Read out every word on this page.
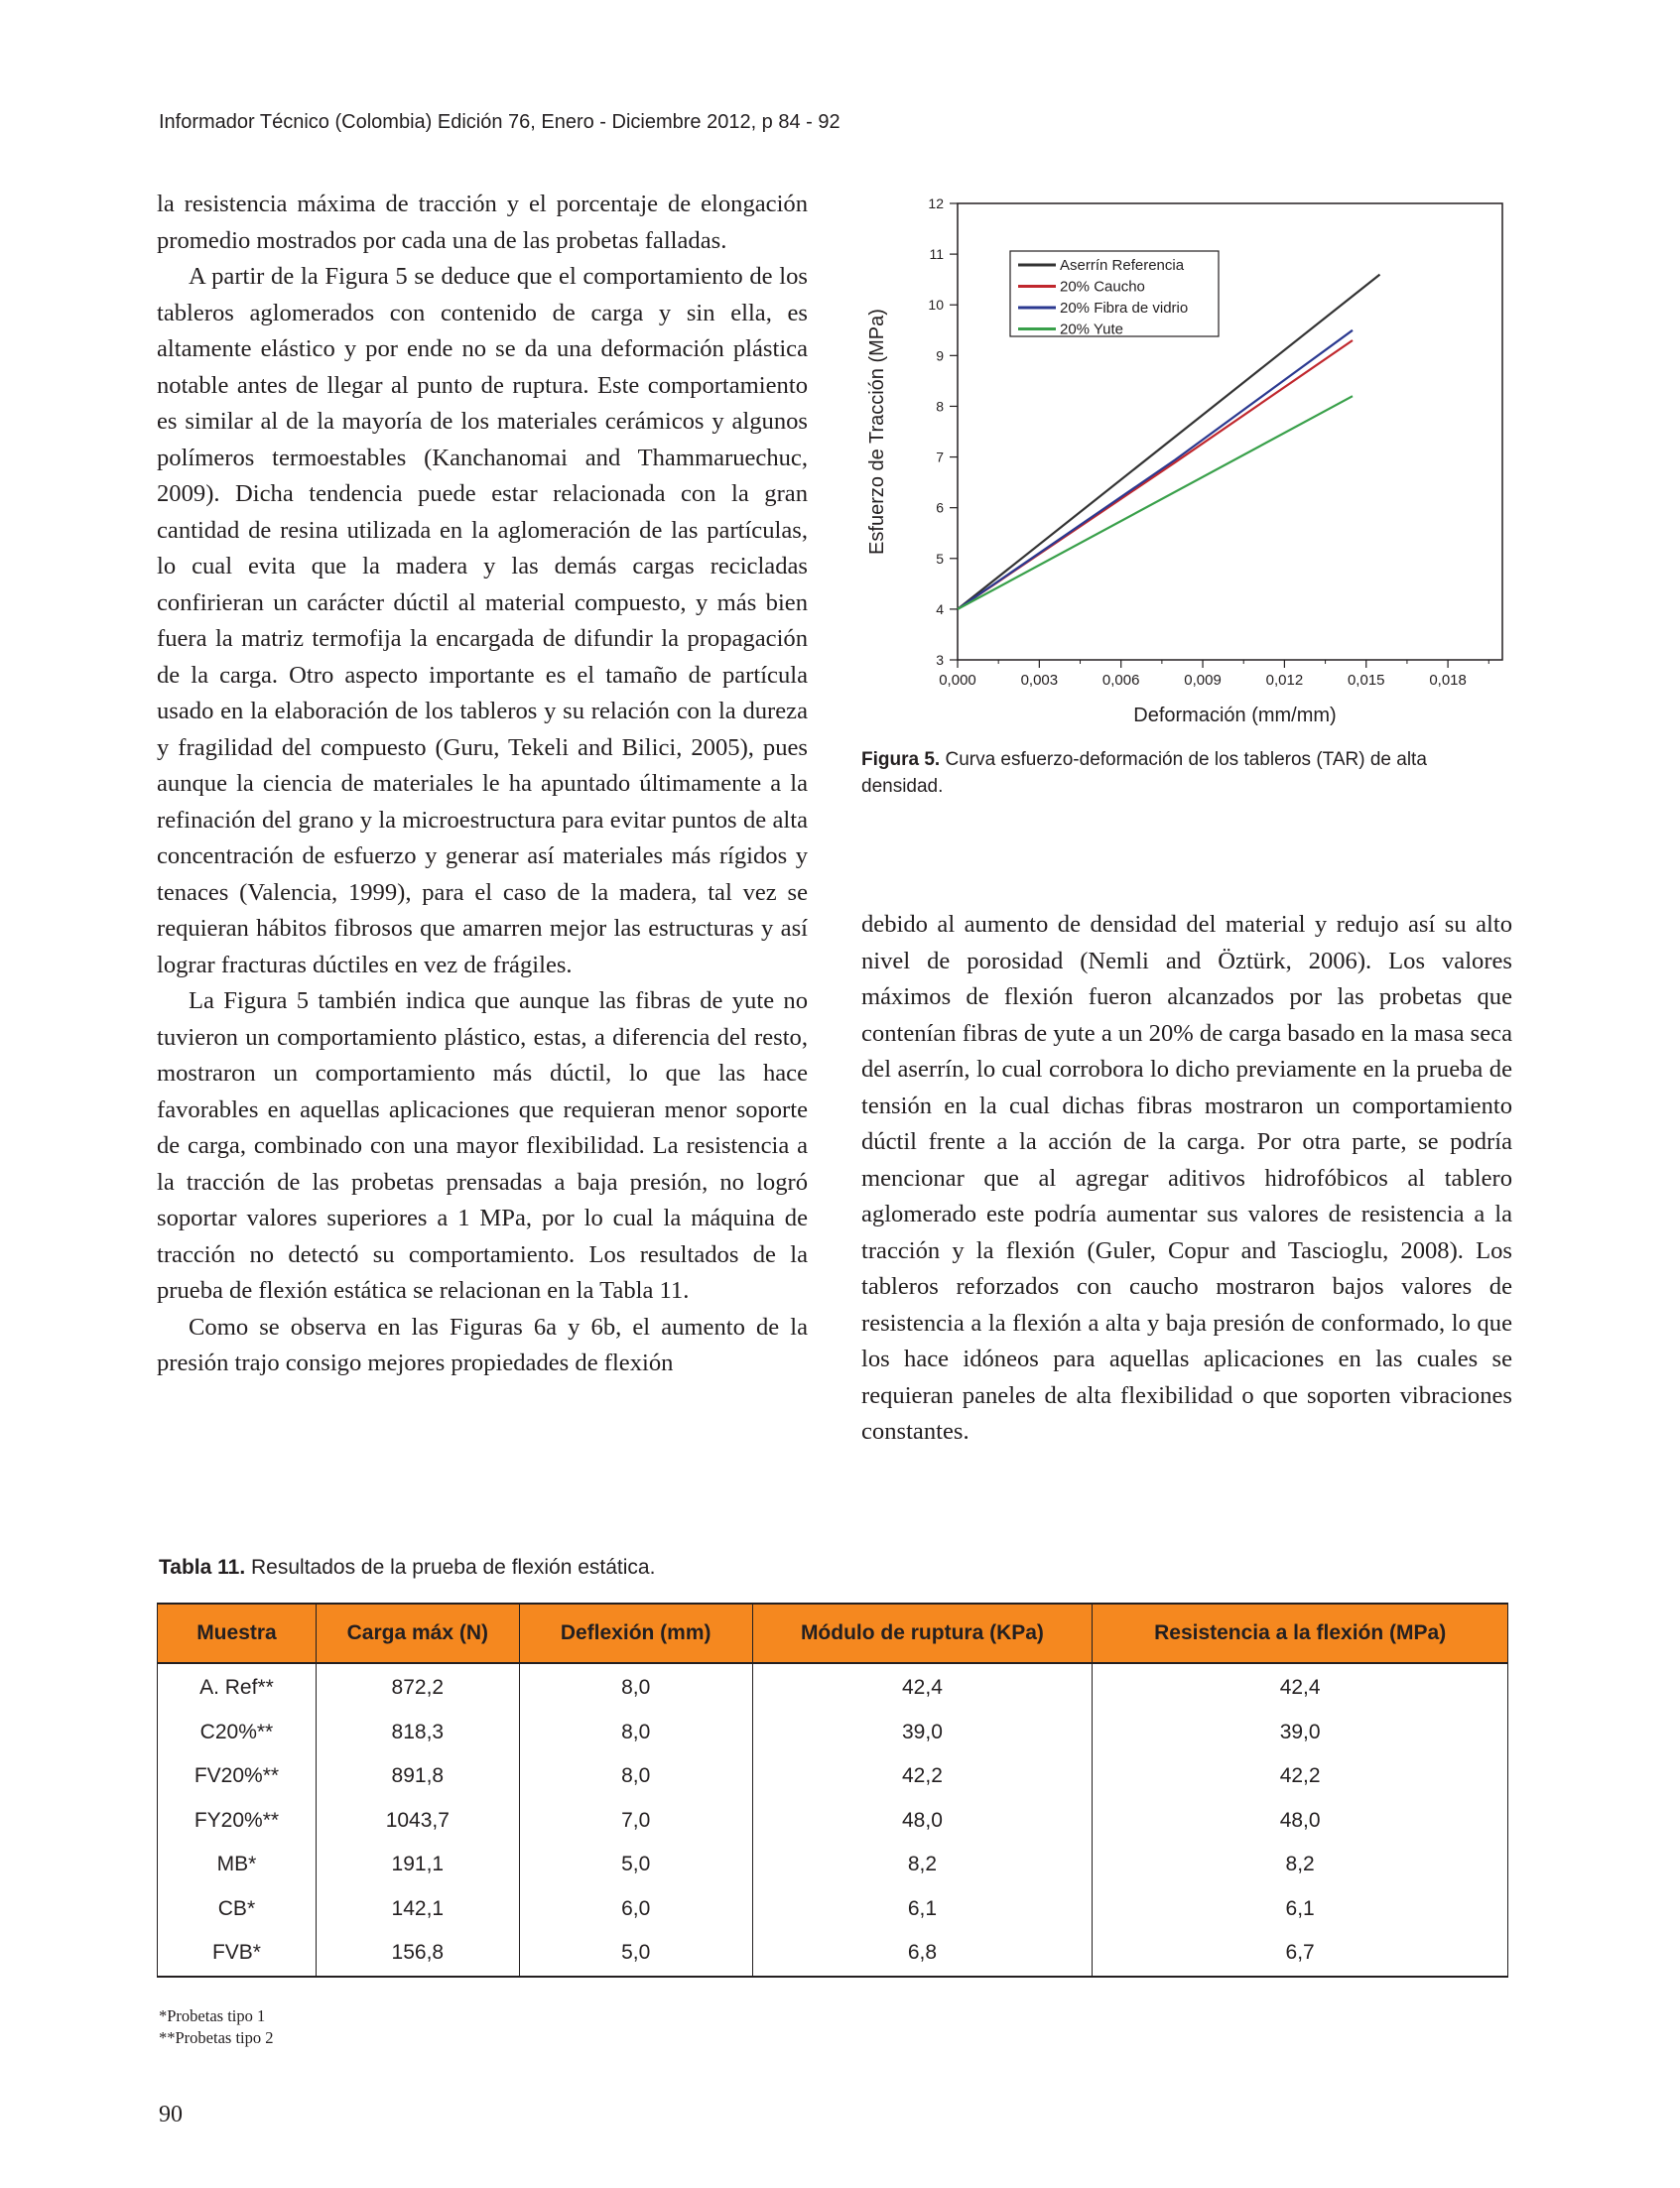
Informador Técnico (Colombia) Edición 76, Enero - Diciembre 2012, p 84 - 92

la resistencia máxima de tracción y el porcentaje de elongación promedio mostrados por cada una de las probetas falladas.

A partir de la Figura 5 se deduce que el comportamiento de los tableros aglomerados con contenido de carga y sin ella, es altamente elástico y por ende no se da una deformación plástica notable antes de llegar al punto de ruptura. Este comportamiento es similar al de la mayoría de los materiales cerámicos y algunos polímeros termoestables (Kanchanomai and Thammaruechuc, 2009). Dicha tendencia puede estar relacionada con la gran cantidad de resina utilizada en la aglomeración de las partículas, lo cual evita que la madera y las demás cargas recicladas confirieran un carácter dúctil al material compuesto, y más bien fuera la matriz termofija la encargada de difundir la propagación de la carga. Otro aspecto importante es el tamaño de partícula usado en la elaboración de los tableros y su relación con la dureza y fragilidad del compuesto (Guru, Tekeli and Bilici, 2005), pues aunque la ciencia de materiales le ha apuntado últimamente a la refinación del grano y la microestructura para evitar puntos de alta concentración de esfuerzo y generar así materiales más rígidos y tenaces (Valencia, 1999), para el caso de la madera, tal vez se requieran hábitos fibrosos que amarren mejor las estructuras y así lograr fracturas dúctiles en vez de frágiles.

La Figura 5 también indica que aunque las fibras de yute no tuvieron un comportamiento plástico, estas, a diferencia del resto, mostraron un comportamiento más dúctil, lo que las hace favorables en aquellas aplicaciones que requieran menor soporte de carga, combinado con una mayor flexibilidad. La resistencia a la tracción de las probetas prensadas a baja presión, no logró soportar valores superiores a 1 MPa, por lo cual la máquina de tracción no detectó su comportamiento. Los resultados de la prueba de flexión estática se relacionan en la Tabla 11.

Como se observa en las Figuras 6a y 6b, el aumento de la presión trajo consigo mejores propiedades de flexión

3
4
5
6
7
8
9
10
11
12
0,000	0,003	0,006	0,009	0,012	0,015	0,018
Deformación (mm/mm)
Esfuerzo de Tracción (MPa)
Aserrín Referencia
20% Caucho
20% Fibra de vidrio
20% Yute
Figura 5. Curva esfuerzo-deformación de los tableros (TAR) de alta densidad.

debido al aumento de densidad del material y redujo así su alto nivel de porosidad (Nemli and Öztürk, 2006). Los valores máximos de flexión fueron alcanzados por las probetas que contenían fibras de yute a un 20% de carga basado en la masa seca del aserrín, lo cual corrobora lo dicho previamente en la prueba de tensión en la cual dichas fibras mostraron un comportamiento dúctil frente a la acción de la carga. Por otra parte, se podría mencionar que al agregar aditivos hidrofóbicos al tablero aglomerado este podría aumentar sus valores de resistencia a la tracción y la flexión (Guler, Copur and Tascioglu, 2008). Los tableros reforzados con caucho mostraron bajos valores de resistencia a la flexión a alta y baja presión de conformado, lo que los hace idóneos para aquellas aplicaciones en las cuales se requieran paneles de alta flexibilidad o que soporten vibraciones constantes.

Tabla 11. Resultados de la prueba de flexión estática.
Muestra	Carga máx (N)	Deflexión (mm)	Módulo de ruptura (KPa)	Resistencia a la flexión (MPa)
A. Ref**	872,2	8,0	42,4	42,4
C20%**	818,3	8,0	39,0	39,0
FV20%**	891,8	8,0	42,2	42,2
FY20%**	1043,7	7,0	48,0	48,0
MB*	191,1	5,0	8,2	8,2
CB*	142,1	6,0	6,1	6,1
FVB*	156,8	5,0	6,8	6,7
*Probetas tipo 1
**Probetas tipo 2
90
